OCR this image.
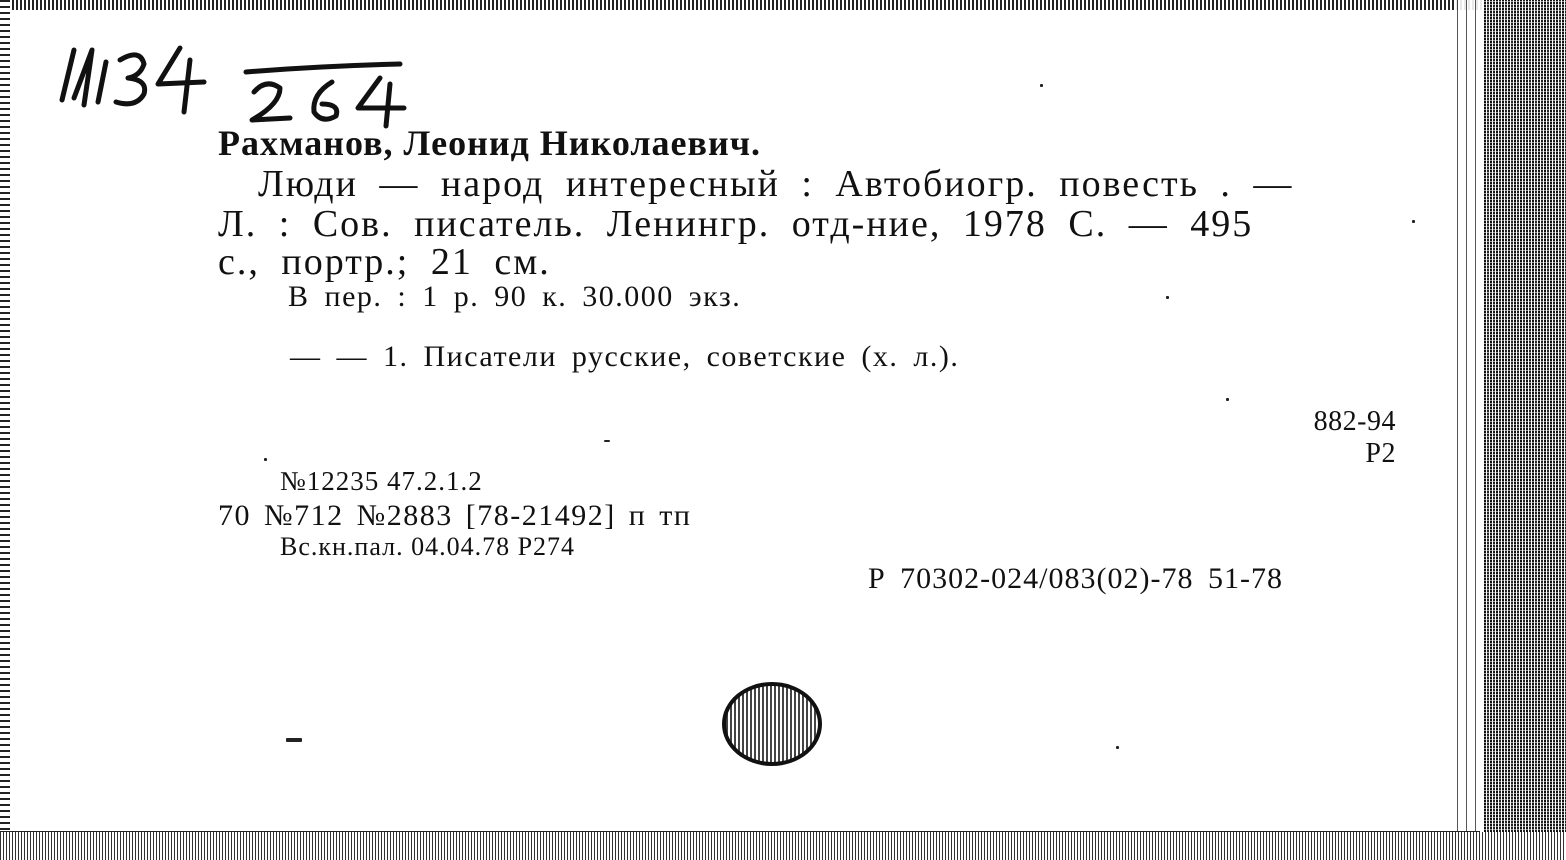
Рахманов, Леонид Николаевич.
Люди — народ интересный : Автобиогр. повесть . —
Л. : Сов. писатель. Ленингр. отд-ние, 1978 С. — 495
с., портр.; 21 см.
В пер. : 1 р. 90 к. 30.000 экз.
— — 1. Писатели русские, советские (х. л.).
882-94
Р2
№12235 47.2.1.2
70 №712 №2883 [78-21492] п тп
Вс.кн.пал. 04.04.78 Р274
Р 70302-024/083(02)-78 51-78
